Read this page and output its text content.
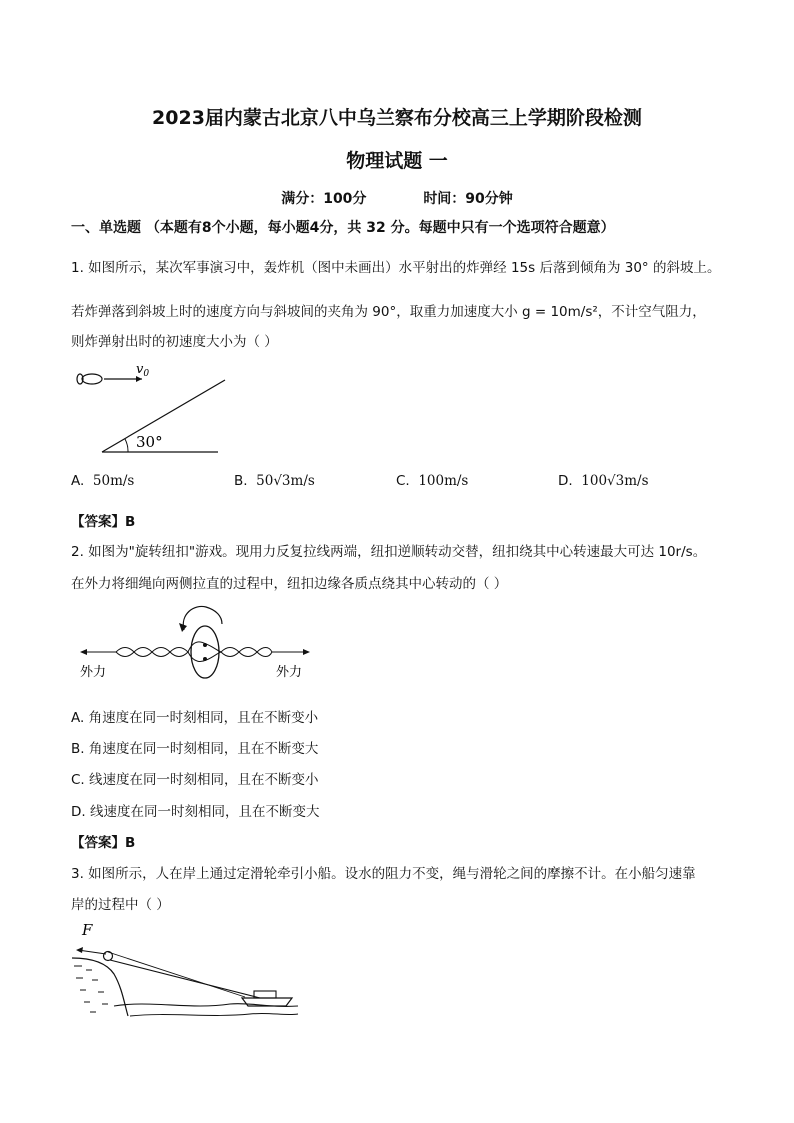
2023届内蒙古北京八中乌兰察布分校高三上学期阶段检测
物理试题 一
满分：100分	时间：90分钟
一、单选题 （本题有8个小题，每小题4分，共 32 分。每题中只有一个选项符合题意）
1. 如图所示，某次军事演习中，轰炸机（图中未画出）水平射出的炸弹经 15s 后落到倾角为 30° 的斜坡上。
若炸弹落到斜坡上时的速度方向与斜坡间的夹角为 90°，取重力加速度大小 g = 10m/s²，不计空气阻力，
则炸弹射出时的初速度大小为（ ）
$v_0$
30°
A. 50m/s	B. 50√3m/s	C. 100m/s	D. 100√3m/s
【答案】B
2. 如图为"旋转纽扣"游戏。现用力反复拉线两端，纽扣逆顺转动交替，纽扣绕其中心转速最大可达 10r/s。
在外力将细绳向两侧拉直的过程中，纽扣边缘各质点绕其中心转动的（ ）
外力	外力
A. 角速度在同一时刻相同，且在不断变小
B. 角速度在同一时刻相同，且在不断变大
C. 线速度在同一时刻相同，且在不断变小
D. 线速度在同一时刻相同，且在不断变大
【答案】B
3. 如图所示，人在岸上通过定滑轮牵引小船。设水的阻力不变，绳与滑轮之间的摩擦不计。在小船匀速靠
岸的过程中（ ）
F
